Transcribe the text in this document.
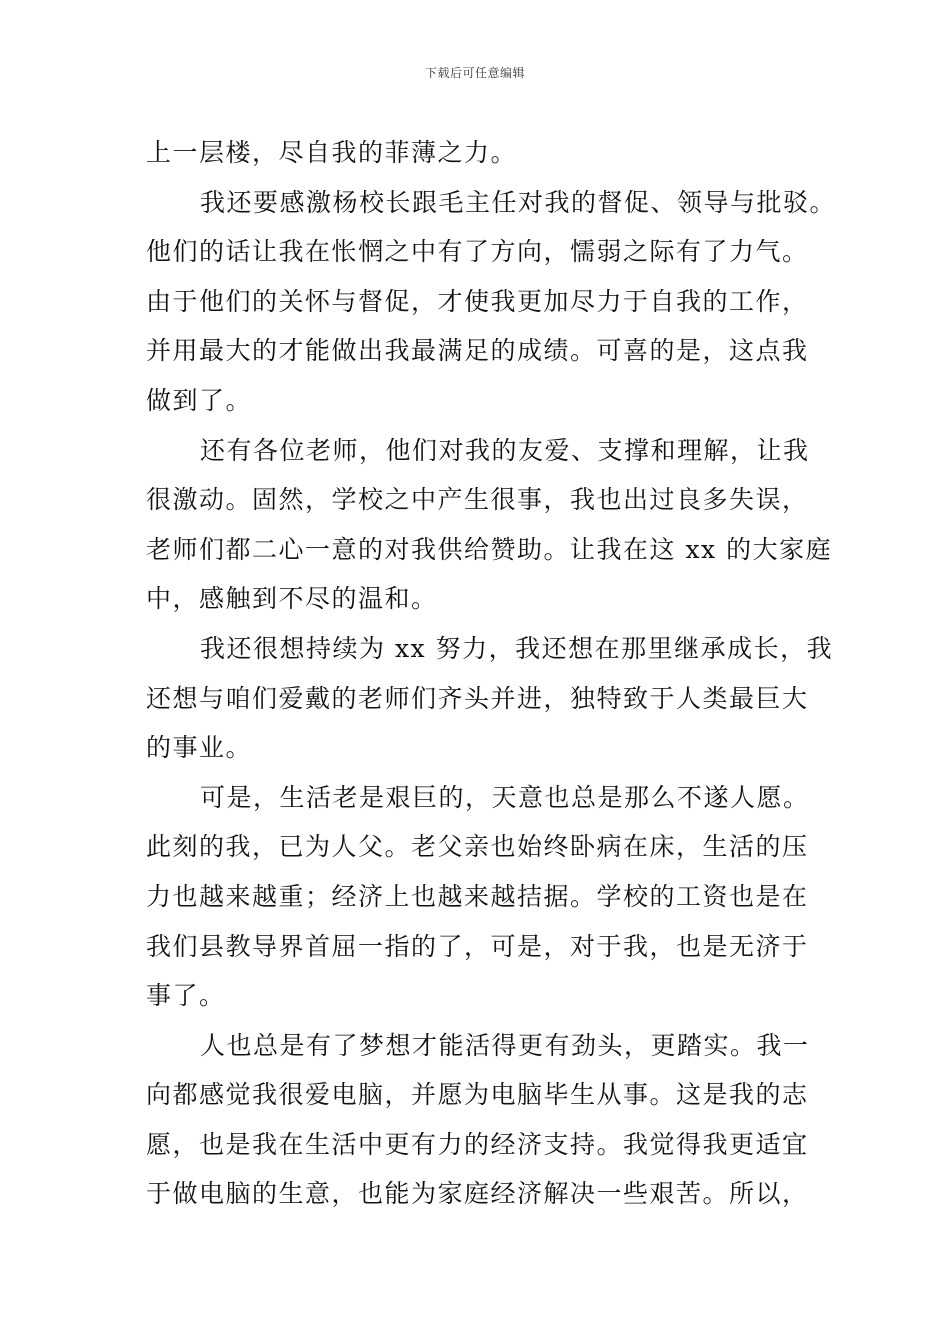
下载后可任意编辑
上一层楼，尽自我的菲薄之力。
我还要感激杨校长跟毛主任对我的督促、领导与批驳。
他们的话让我在怅惘之中有了方向，懦弱之际有了力气。
由于他们的关怀与督促，才使我更加尽力于自我的工作，
并用最大的才能做出我最满足的成绩。可喜的是，这点我
做到了。
还有各位老师，他们对我的友爱、支撑和理解，让我
很激动。固然，学校之中产生很事，我也出过良多失误，
老师们都二心一意的对我供给赞助。让我在这 xx 的大家庭
中，感触到不尽的温和。
我还很想持续为 xx 努力，我还想在那里继承成长，我
还想与咱们爱戴的老师们齐头并进，独特致于人类最巨大
的事业。
可是，生活老是艰巨的，天意也总是那么不遂人愿。
此刻的我，已为人父。老父亲也始终卧病在床，生活的压
力也越来越重；经济上也越来越拮据。学校的工资也是在
我们县教导界首屈一指的了，可是，对于我，也是无济于
事了。
人也总是有了梦想才能活得更有劲头，更踏实。我一
向都感觉我很爱电脑，并愿为电脑毕生从事。这是我的志
愿，也是我在生活中更有力的经济支持。我觉得我更适宜
于做电脑的生意，也能为家庭经济解决一些艰苦。所以，
